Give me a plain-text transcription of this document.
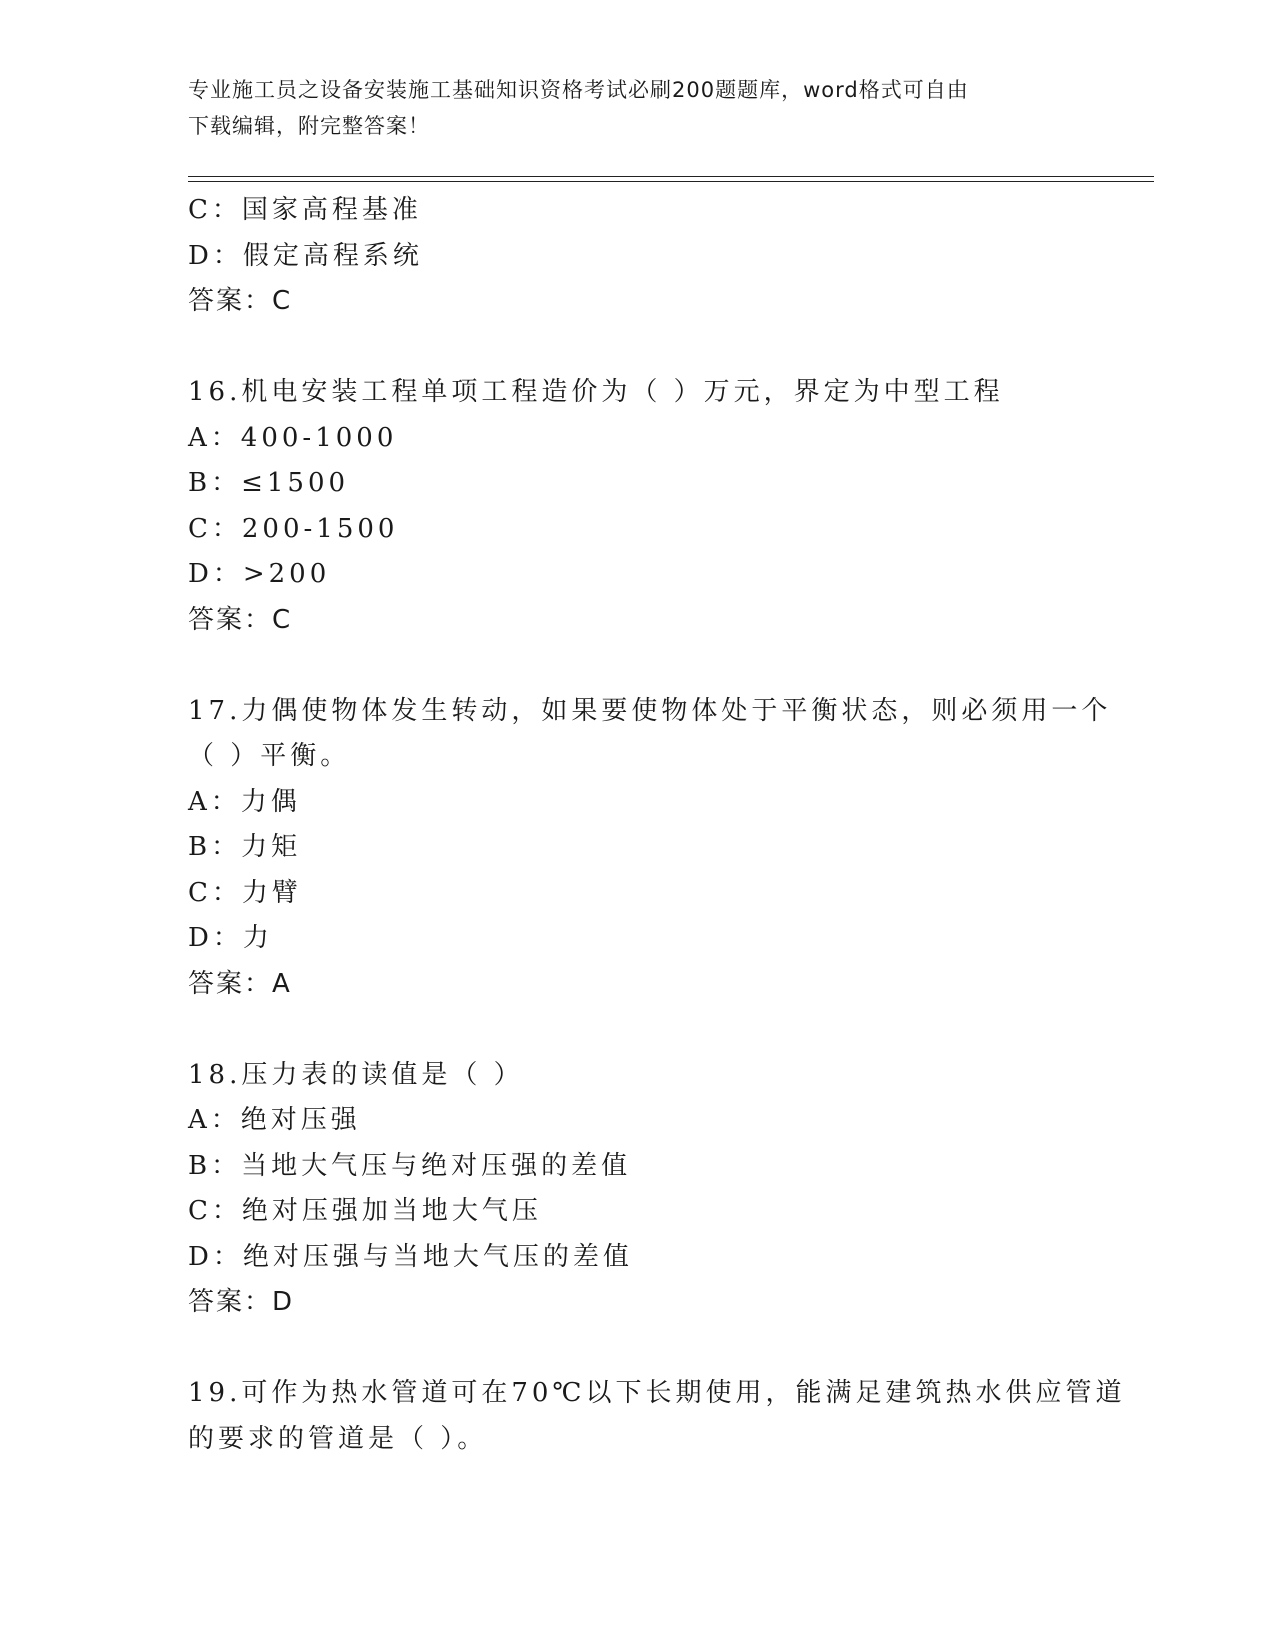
专业施工员之设备安装施工基础知识资格考试必刷200题题库，word格式可自由
下载编辑，附完整答案！
C：国家高程基准
D：假定高程系统
答案：C
16.机电安装工程单项工程造价为（ ）万元，界定为中型工程
A：400-1000
B：≤1500
C：200-1500
D：>200
答案：C
17.力偶使物体发生转动，如果要使物体处于平衡状态，则必须用一个
（ ）平衡。
A：力偶
B：力矩
C：力臂
D：力
答案：A
18.压力表的读值是（ ）
A：绝对压强
B：当地大气压与绝对压强的差值
C：绝对压强加当地大气压
D：绝对压强与当地大气压的差值
答案：D
19.可作为热水管道可在70℃以下长期使用，能满足建筑热水供应管道
的要求的管道是（ ）。
